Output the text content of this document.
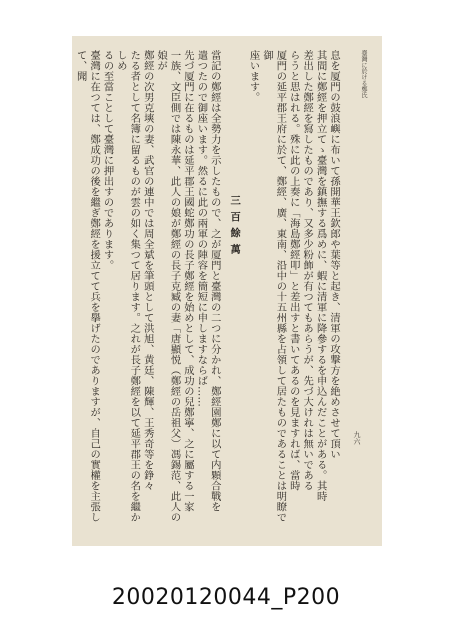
臺灣に於ける鄭氏
九六
息を厦門の鼓浪嶼に布いて孫開華王欽郎や葉等と起き、清軍の攻撃方を絶めさせて頂い
其間に鄭經を押立てゝ臺灣を鎮撫する爲めに、蝦に清軍に降參するを申込んだことがある。其時
差出した鄭經を寫したものであり、又多少粉飾が有つてもあらうが、先づ大けれは無いである
らうと思はれる。殊に此の上奏に「海島鄭經叩」と差出すと書いてあるのを見ますれば、當時
厦門の延平郡王府に於て、鄭經、廣、東南、沿中の十五州縣を占領して居たものであることは明瞭で御
座います。
三百餘萬
當記の鄭經は全勢力を示したもので、之が厦門と臺灣の二つに分かれ、鄭經園鄭に以て内顆合戰を
遣つたので御座います。然るに此の兩軍の陣容を簡短に申しますならば……
先づ厦門に在るものは延平郡王國蛇鄭功の長子鄭經を始めとして、成功の兒鄭寧、之に屬する一家
一族、文臣側では陳永華、此人の娘が鄭經の長子克臧の妻「唐顯悦（鄭經の岳祖父）馮錫范、此人の娘が
鄭經の次男克塽の妻、武官の連中では周全斌を筆頭として洪旭、黄廷、陳輝、王秀奇等を錚々
たる者として名簿に留るものが雲の如く集つて居ります。之れが長子鄭經を以て延平郡王の名を繼かしめ
るの至當ことして臺灣に押出すのであります。
臺灣に在つては、鄭成功の後を繼ぎ鄭經を援立てて兵を擧げたのでありますが、自己の實權を主張して、聞
20020120044_P200
